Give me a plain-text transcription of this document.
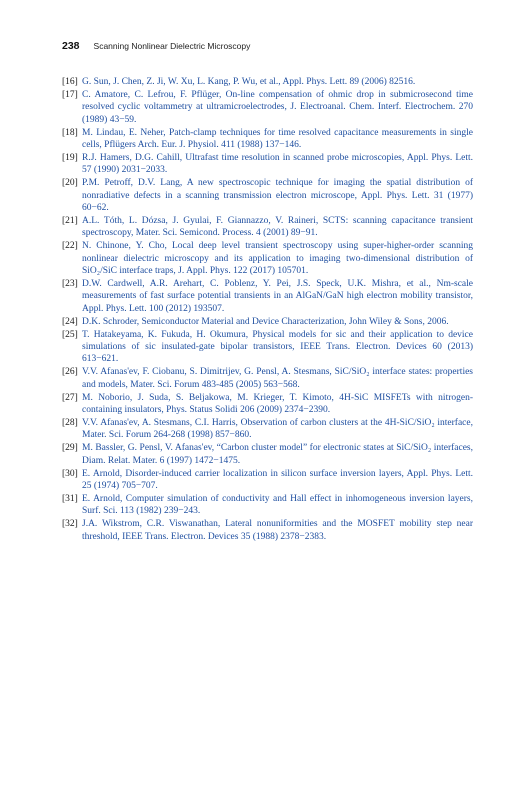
238 Scanning Nonlinear Dielectric Microscopy
[16] G. Sun, J. Chen, Z. Ji, W. Xu, L. Kang, P. Wu, et al., Appl. Phys. Lett. 89 (2006) 82516.
[17] C. Amatore, C. Lefrou, F. Pflüger, On-line compensation of ohmic drop in submicrosecond time resolved cyclic voltammetry at ultramicroelectrodes, J. Electroanal. Chem. Interf. Electrochem. 270 (1989) 43−59.
[18] M. Lindau, E. Neher, Patch-clamp techniques for time resolved capacitance measurements in single cells, Pflügers Arch. Eur. J. Physiol. 411 (1988) 137−146.
[19] R.J. Hamers, D.G. Cahill, Ultrafast time resolution in scanned probe microscopies, Appl. Phys. Lett. 57 (1990) 2031−2033.
[20] P.M. Petroff, D.V. Lang, A new spectroscopic technique for imaging the spatial distribution of nonradiative defects in a scanning transmission electron microscope, Appl. Phys. Lett. 31 (1977) 60−62.
[21] A.L. Tóth, L. Dózsa, J. Gyulai, F. Giannazzo, V. Raineri, SCTS: scanning capacitance transient spectroscopy, Mater. Sci. Semicond. Process. 4 (2001) 89−91.
[22] N. Chinone, Y. Cho, Local deep level transient spectroscopy using super-higher-order scanning nonlinear dielectric microscopy and its application to imaging two-dimensional distribution of SiO₂/SiC interface traps, J. Appl. Phys. 122 (2017) 105701.
[23] D.W. Cardwell, A.R. Arehart, C. Poblenz, Y. Pei, J.S. Speck, U.K. Mishra, et al., Nm-scale measurements of fast surface potential transients in an AlGaN/GaN high electron mobility transistor, Appl. Phys. Lett. 100 (2012) 193507.
[24] D.K. Schroder, Semiconductor Material and Device Characterization, John Wiley & Sons, 2006.
[25] T. Hatakeyama, K. Fukuda, H. Okumura, Physical models for sic and their application to device simulations of sic insulated-gate bipolar transistors, IEEE Trans. Electron. Devices 60 (2013) 613−621.
[26] V.V. Afanas'ev, F. Ciobanu, S. Dimitrijev, G. Pensl, A. Stesmans, SiC/SiO₂ interface states: properties and models, Mater. Sci. Forum 483-485 (2005) 563−568.
[27] M. Noborio, J. Suda, S. Beljakowa, M. Krieger, T. Kimoto, 4H-SiC MISFETs with nitrogen-containing insulators, Phys. Status Solidi 206 (2009) 2374−2390.
[28] V.V. Afanas'ev, A. Stesmans, C.I. Harris, Observation of carbon clusters at the 4H-SiC/SiO₂ interface, Mater. Sci. Forum 264-268 (1998) 857−860.
[29] M. Bassler, G. Pensl, V. Afanas'ev, “Carbon cluster model” for electronic states at SiC/SiO₂ interfaces, Diam. Relat. Mater. 6 (1997) 1472−1475.
[30] E. Arnold, Disorder-induced carrier localization in silicon surface inversion layers, Appl. Phys. Lett. 25 (1974) 705−707.
[31] E. Arnold, Computer simulation of conductivity and Hall effect in inhomogeneous inversion layers, Surf. Sci. 113 (1982) 239−243.
[32] J.A. Wikstrom, C.R. Viswanathan, Lateral nonuniformities and the MOSFET mobility step near threshold, IEEE Trans. Electron. Devices 35 (1988) 2378−2383.
